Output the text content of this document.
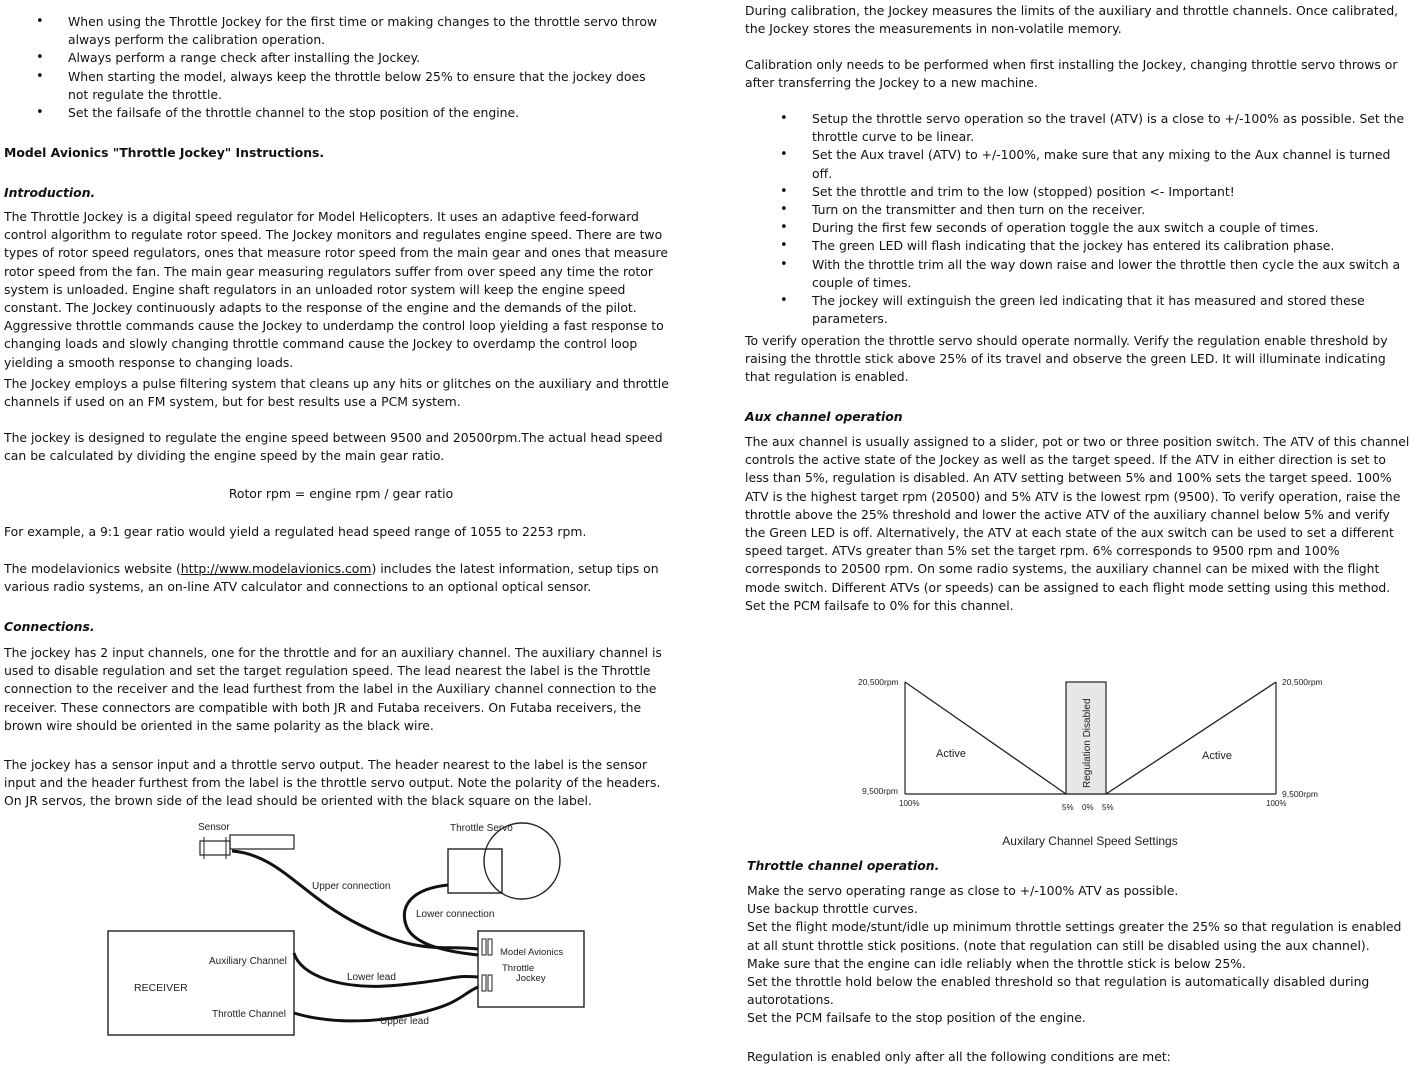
• When using the Throttle Jockey for the first time or making changes to the throttle servo throw always perform the calibration operation.
• Always perform a range check after installing the Jockey.
• When starting the model, always keep the throttle below 25% to ensure that the jockey does not regulate the throttle.
• Set the failsafe of the throttle channel to the stop position of the engine.

Model Avionics "Throttle Jockey" Instructions.

Introduction.

The Throttle Jockey is a digital speed regulator for Model Helicopters. It uses an adaptive feed-forward control algorithm to regulate rotor speed. The Jockey monitors and regulates engine speed. There are two types of rotor speed regulators, ones that measure rotor speed from the main gear and ones that measure rotor speed from the fan. The main gear measuring regulators suffer from over speed any time the rotor system is unloaded. Engine shaft regulators in an unloaded rotor system will keep the engine speed constant. The Jockey continuously adapts to the response of the engine and the demands of the pilot. Aggressive throttle commands cause the Jockey to underdamp the control loop yielding a fast response to changing loads and slowly changing throttle command cause the Jockey to overdamp the control loop yielding a smooth response to changing loads.

The Jockey employs a pulse filtering system that cleans up any hits or glitches on the auxiliary and throttle channels if used on an FM system, but for best results use a PCM system.

The jockey is designed to regulate the engine speed between 9500 and 20500rpm.The actual head speed can be calculated by dividing the engine speed by the main gear ratio.

Rotor rpm = engine rpm / gear ratio

For example, a 9:1 gear ratio would yield a regulated head speed range of 1055 to 2253 rpm.

The modelavionics website (http://www.modelavionics.com) includes the latest information, setup tips on various radio systems, an on-line ATV calculator and connections to an optional optical sensor.

Connections.

The jockey has 2 input channels, one for the throttle and for an auxiliary channel. The auxiliary channel is used to disable regulation and set the target regulation speed. The lead nearest the label is the Throttle connection to the receiver and the lead furthest from the label in the Auxiliary channel connection to the receiver. These connectors are compatible with both JR and Futaba receivers. On Futaba receivers, the brown wire should be oriented in the same polarity as the black wire.

The jockey has a sensor input and a throttle servo output. The header nearest to the label is the sensor input and the header furthest from the label is the throttle servo output. Note the polarity of the headers. On JR servos, the brown side of the lead should be oriented with the black square on the label.

Sensor	Throttle Servo
Upper connection
Lower connection
RECEIVER
Auxiliary Channel
Throttle Channel
Lower lead
Upper lead
Model Avionics
Throttle
Jockey

During calibration, the Jockey measures the limits of the auxiliary and throttle channels. Once calibrated, the Jockey stores the measurements in non-volatile memory.

Calibration only needs to be performed when first installing the Jockey, changing throttle servo throws or after transferring the Jockey to a new machine.

• Setup the throttle servo operation so the travel (ATV) is a close to +/-100% as possible. Set the throttle curve to be linear.
• Set the Aux travel (ATV) to +/-100%, make sure that any mixing to the Aux channel is turned off.
• Set the throttle and trim to the low (stopped) position <- Important!
• Turn on the transmitter and then turn on the receiver.
• During the first few seconds of operation toggle the aux switch a couple of times.
• The green LED will flash indicating that the jockey has entered its calibration phase.
• With the throttle trim all the way down raise and lower the throttle then cycle the aux switch a couple of times.
• The jockey will extinguish the green led indicating that it has measured and stored these parameters.

To verify operation the throttle servo should operate normally. Verify the regulation enable threshold by raising the throttle stick above 25% of its travel and observe the green LED. It will illuminate indicating that regulation is enabled.

Aux channel operation

The aux channel is usually assigned to a slider, pot or two or three position switch. The ATV of this channel controls the active state of the Jockey as well as the target speed. If the ATV in either direction is set to less than 5%, regulation is disabled. An ATV setting between 5% and 100% sets the target speed. 100% ATV is the highest target rpm (20500) and 5% ATV is the lowest rpm (9500). To verify operation, raise the throttle above the 25% threshold and lower the active ATV of the auxiliary channel below 5% and verify the Green LED is off. Alternatively, the ATV at each state of the aux switch can be used to set a different speed target. ATVs greater than 5% set the target rpm. 6% corresponds to 9500 rpm and 100% corresponds to 20500 rpm. On some radio systems, the auxiliary channel can be mixed with the flight mode switch. Different ATVs (or speeds) can be assigned to each flight mode setting using this method. Set the PCM failsafe to 0% for this channel.

20,500rpm
9,500rpm
20,500rpm
9,500rpm
100%	5% 0% 5%	100%
Active	Active
Regulation Disabled
Auxilary Channel Speed Settings

Throttle channel operation.

Make the servo operating range as close to +/-100% ATV as possible.

Use backup throttle curves.

Set the flight mode/stunt/idle up minimum throttle settings greater the 25% so that regulation is enabled at all stunt throttle stick positions. (note that regulation can still be disabled using the aux channel).

Make sure that the engine can idle reliably when the throttle stick is below 25%.

Set the throttle hold below the enabled threshold so that regulation is automatically disabled during autorotations.

Set the PCM failsafe to the stop position of the engine.

Regulation is enabled only after all the following conditions are met:
